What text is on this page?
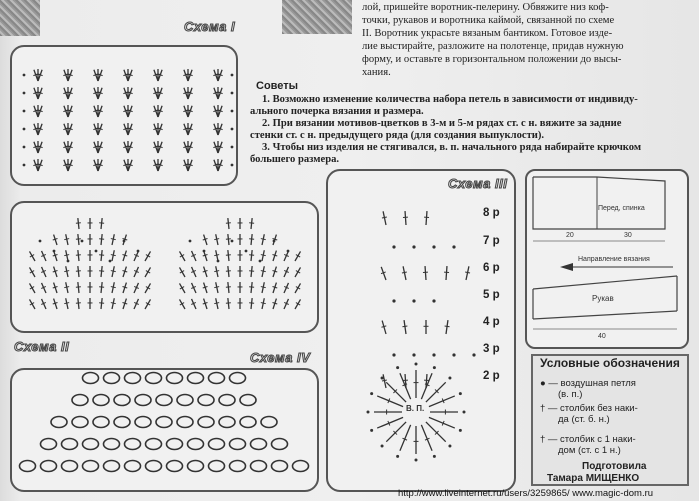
лой, пришейте воротник-пелерину. Обвяжите низ коф-
точки, рукавов и воротника каймой, связанной по схеме
II. Воротник украсьте вязаным бантиком. Готовое изде-
лие выстирайте, разложите на полотенце, придав нужную
форму, и оставьте в горизонтальном положении до высы-
хания.
Советы
1. Возможно изменение количества набора петель в зависимости от индивиду-
ального почерка вязания и размера.
2. При вязании мотивов-цветков в 3-м и 5-м рядах ст. с н. вяжите за задние
стенки ст. с н. предыдущего ряда (для создания выпуклости).
3. Чтобы низ изделия не стягивался, в. п. начального ряда набирайте крючком
большего размера.
Схема I
Схема II
Схема IV
Схема III
8 р
7 р
6 р
5 р
4 р
3 р
2 р
В. П.
Перед, спинка
20	30
Направление вязания
Рукав
40
Условные обозначения
● — воздушная петля
(в. п.)
† — столбик без наки-
да (ст. б. н.)
† — столбик с 1 наки-
дом (ст. с 1 н.)
Подготовила
Тамара МИЩЕНКО
http://www.liveinternet.ru/users/3259865/ www.magic-dom.ru
